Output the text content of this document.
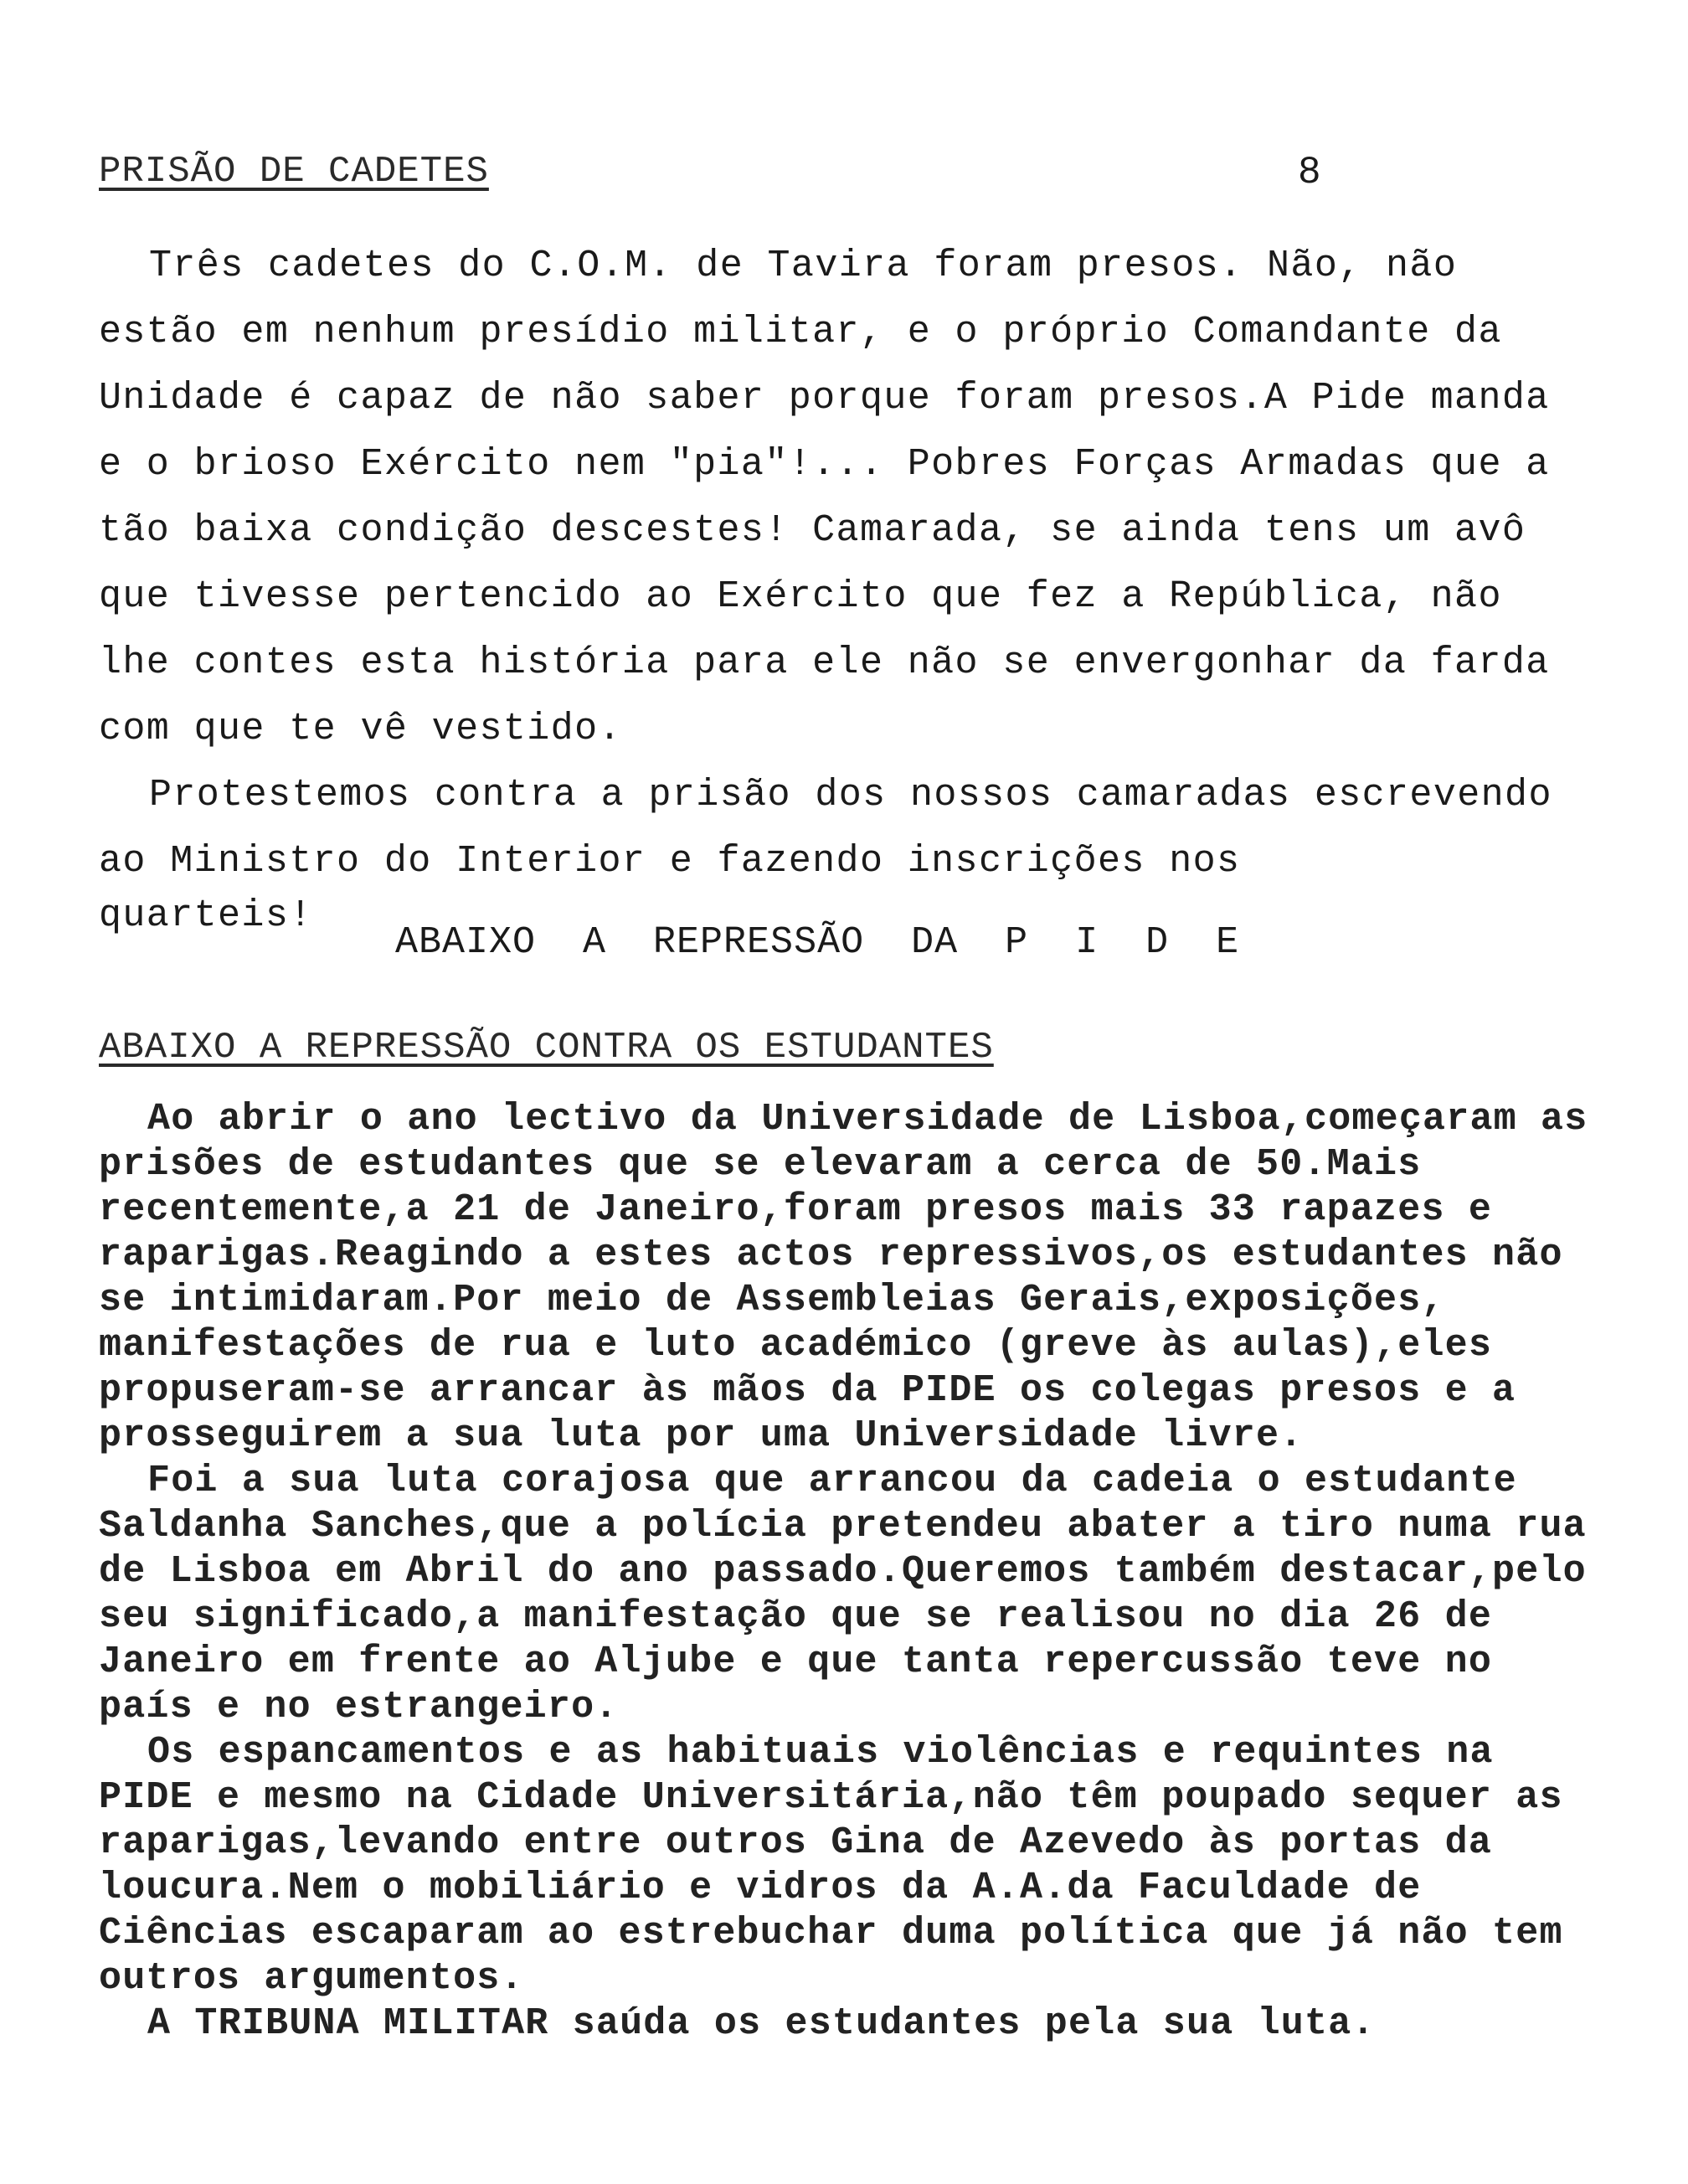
PRISÃO DE CADETES	8

Três cadetes do C.O.M. de Tavira foram presos. Não, não estão em nenhum presídio militar, e o próprio Comandante da Unidade é capaz de não saber porque foram presos.A Pide manda e o brioso Exército nem "pia"!... Pobres Forças Armadas que a tão baixa condição descestes! Camarada, se ainda tens um avô que tivesse pertencido ao Exército que fez a República, não lhe contes esta história para ele não se envergonhar da farda com que te vê vestido.

Protestemos contra a prisão dos nossos camaradas escrevendo ao Ministro do Interior e fazendo inscrições nos

quarteis!
ABAIXO A REPRESSÃO DA P I D E
ABAIXO A REPRESSÃO CONTRA OS ESTUDANTES

Ao abrir o ano lectivo da Universidade de Lisboa,começaram as prisões de estudantes que se elevaram a cerca de 50.Mais recentemente,a 21 de Janeiro,foram presos mais 33 rapazes e raparigas.Reagindo a estes actos repressivos,os estudantes não se intimidaram.Por meio de Assembleias Gerais,exposições, manifestações de rua e luto académico (greve às aulas),eles propuseram-se arrancar às mãos da PIDE os colegas presos e a prosseguirem a sua luta por uma Universidade livre.

Foi a sua luta corajosa que arrancou da cadeia o estudante Saldanha Sanches,que a polícia pretendeu abater a tiro numa rua de Lisboa em Abril do ano passado.Queremos também destacar,pelo seu significado,a manifestação que se realisou no dia 26 de Janeiro em frente ao Aljube e que tanta repercussão teve no país e no estrangeiro.

Os espancamentos e as habituais violências e requintes na PIDE e mesmo na Cidade Universitária,não têm poupado sequer as raparigas,levando entre outros Gina de Azevedo às portas da loucura.Nem o mobiliário e vidros da A.A.da Faculdade de Ciências escaparam ao estrebuchar duma política que já não tem outros argumentos.

A TRIBUNA MILITAR saúda os estudantes pela sua luta.
